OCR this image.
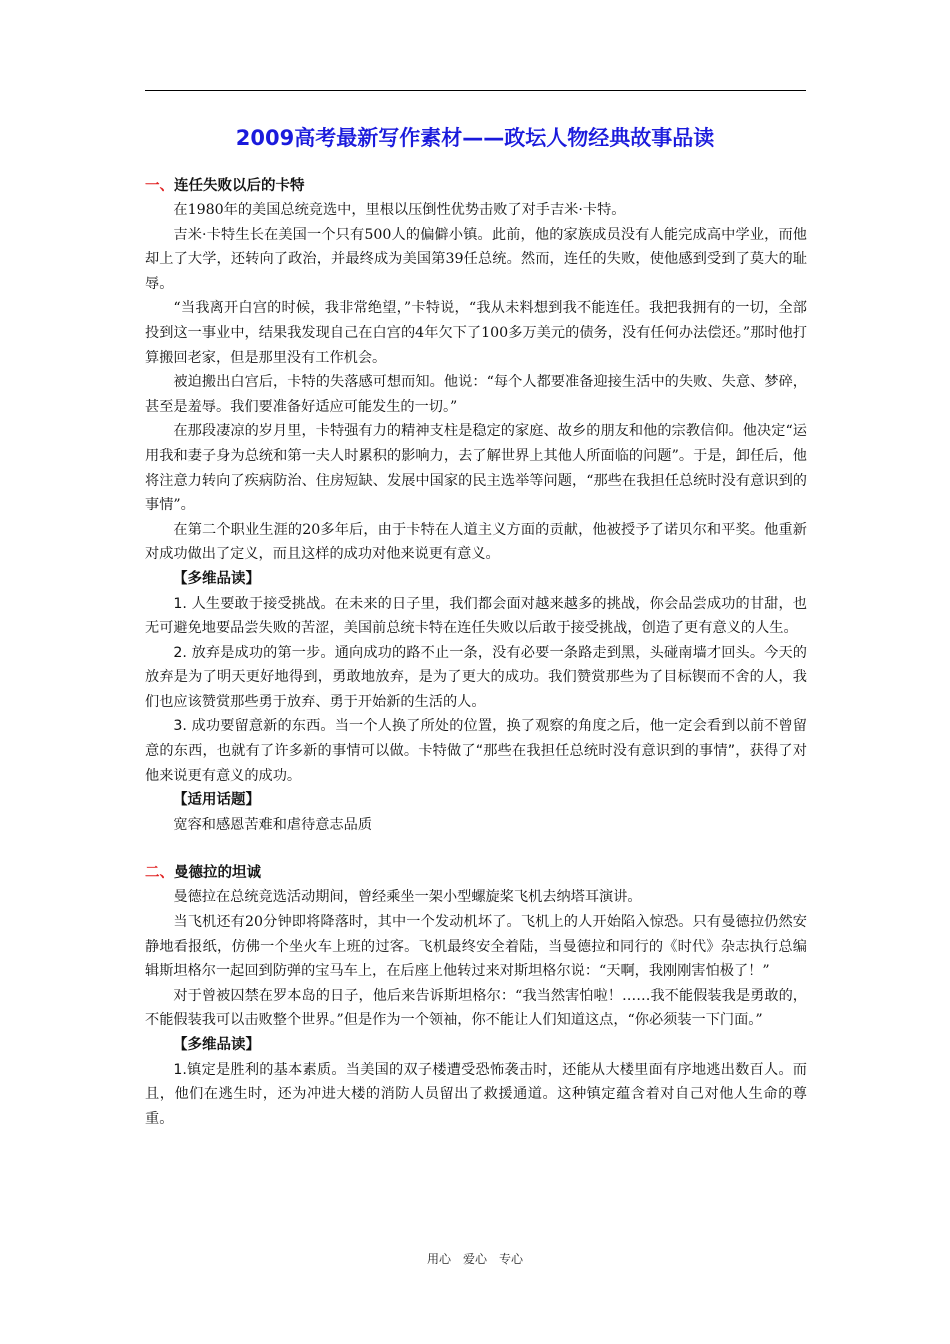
2009高考最新写作素材——政坛人物经典故事品读
一、连任失败以后的卡特
在1980年的美国总统竞选中，里根以压倒性优势击败了对手吉米·卡特。
吉米·卡特生长在美国一个只有500人的偏僻小镇。此前，他的家族成员没有人能完成高中学业，而他却上了大学，还转向了政治，并最终成为美国第39任总统。然而，连任的失败，使他感到受到了莫大的耻辱。
“当我离开白宫的时候，我非常绝望，”卡特说，“我从未料想到我不能连任。我把我拥有的一切，全部投到这一事业中，结果我发现自己在白宫的4年欠下了100多万美元的债务，没有任何办法偿还。”那时他打算搬回老家，但是那里没有工作机会。
被迫搬出白宫后，卡特的失落感可想而知。他说：“每个人都要准备迎接生活中的失败、失意、梦碎，甚至是羞辱。我们要准备好适应可能发生的一切。”
在那段凄凉的岁月里，卡特强有力的精神支柱是稳定的家庭、故乡的朋友和他的宗教信仰。他决定“运用我和妻子身为总统和第一夫人时累积的影响力，去了解世界上其他人所面临的问题”。于是，卸任后，他将注意力转向了疾病防治、住房短缺、发展中国家的民主选举等问题，“那些在我担任总统时没有意识到的事情”。
在第二个职业生涯的20多年后，由于卡特在人道主义方面的贡献，他被授予了诺贝尔和平奖。他重新对成功做出了定义，而且这样的成功对他来说更有意义。
【多维品读】
1. 人生要敢于接受挑战。在未来的日子里，我们都会面对越来越多的挑战，你会品尝成功的甘甜，也无可避免地要品尝失败的苦涩，美国前总统卡特在连任失败以后敢于接受挑战，创造了更有意义的人生。
2. 放弃是成功的第一步。通向成功的路不止一条，没有必要一条路走到黑，头碰南墙才回头。今天的放弃是为了明天更好地得到，勇敢地放弃，是为了更大的成功。我们赞赏那些为了目标锲而不舍的人，我们也应该赞赏那些勇于放弃、勇于开始新的生活的人。
3. 成功要留意新的东西。当一个人换了所处的位置，换了观察的角度之后，他一定会看到以前不曾留意的东西，也就有了许多新的事情可以做。卡特做了“那些在我担任总统时没有意识到的事情”，获得了对他来说更有意义的成功。
【适用话题】
宽容和感恩苦难和虐待意志品质
二、曼德拉的坦诚
曼德拉在总统竞选活动期间，曾经乘坐一架小型螺旋桨飞机去纳塔耳演讲。
当飞机还有20分钟即将降落时，其中一个发动机坏了。飞机上的人开始陷入惊恐。只有曼德拉仍然安静地看报纸，仿佛一个坐火车上班的过客。飞机最终安全着陆，当曼德拉和同行的《时代》杂志执行总编辑斯坦格尔一起回到防弹的宝马车上，在后座上他转过来对斯坦格尔说：“天啊，我刚刚害怕极了！”
对于曾被囚禁在罗本岛的日子，他后来告诉斯坦格尔：“我当然害怕啦！……我不能假装我是勇敢的，不能假装我可以击败整个世界。”但是作为一个领袖，你不能让人们知道这点，“你必须装一下门面。”
【多维品读】
1.镇定是胜利的基本素质。当美国的双子楼遭受恐怖袭击时，还能从大楼里面有序地逃出数百人。而且，他们在逃生时，还为冲进大楼的消防人员留出了救援通道。这种镇定蕴含着对自己对他人生命的尊重。
用心　爱心　专心
